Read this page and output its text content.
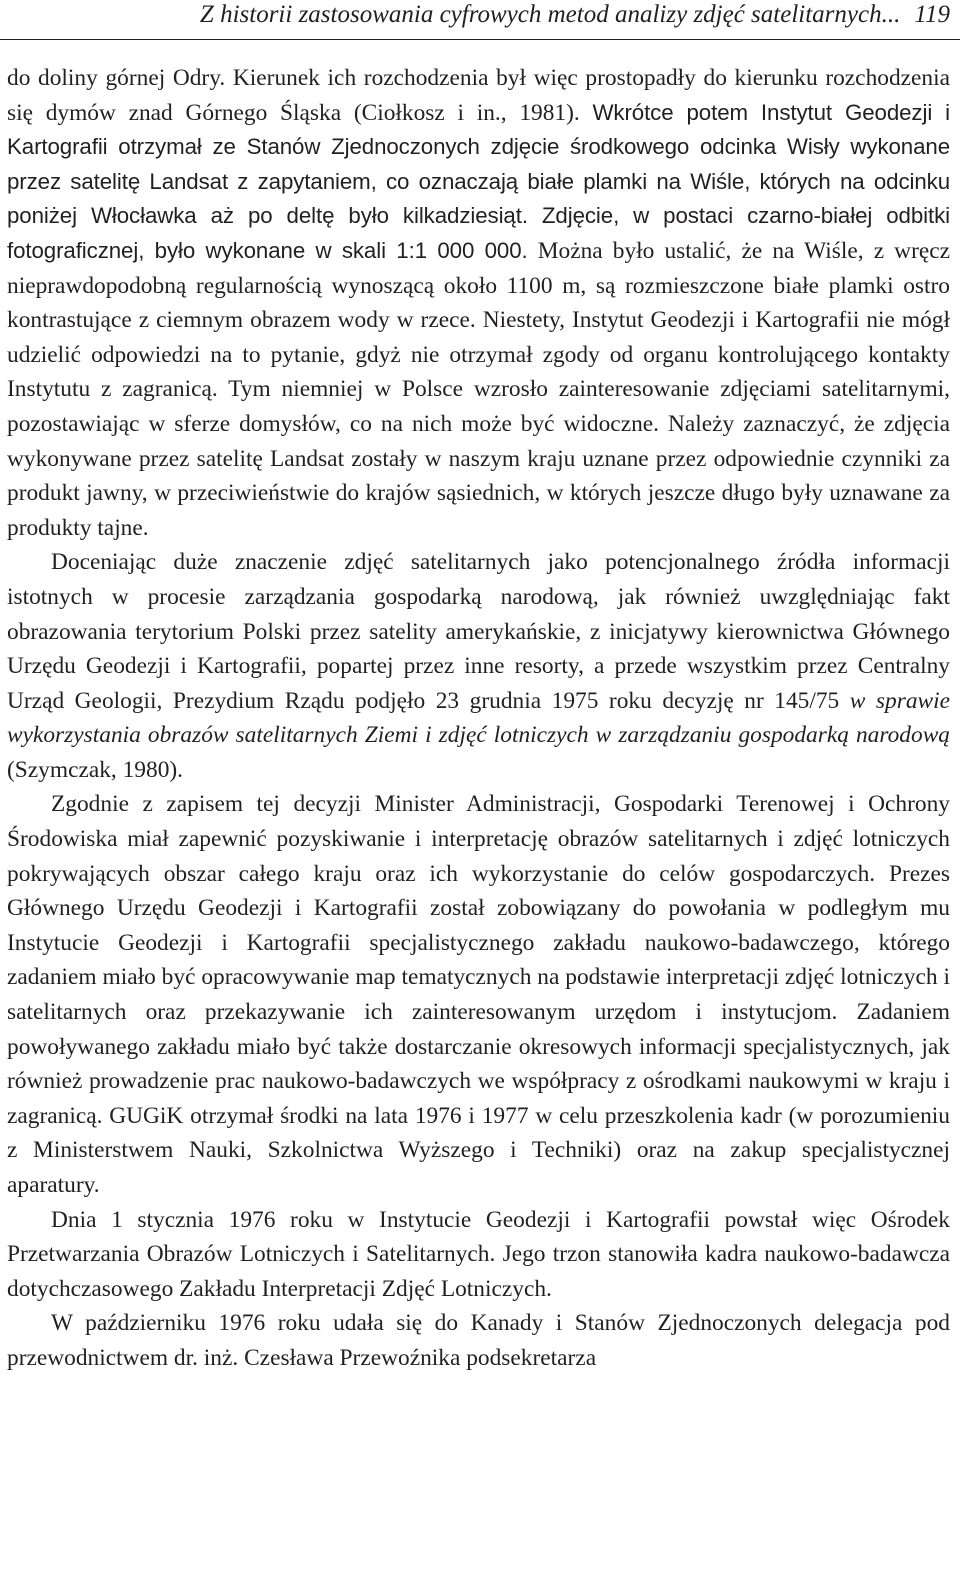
Z historii zastosowania cyfrowych metod analizy zdjęć satelitarnych... 119

do doliny górnej Odry. Kierunek ich rozchodzenia był więc prostopadły do kierunku rozchodzenia się dymów znad Górnego Śląska (Ciołkosz i in., 1981). Wkrótce potem Instytut Geodezji i Kartografii otrzymał ze Stanów Zjednoczonych zdjęcie środkowego odcinka Wisły wykonane przez satelitę Landsat z zapytaniem, co oznaczają białe plamki na Wiśle, których na odcinku poniżej Włocławka aż po deltę było kilkadziesiąt. Zdjęcie, w postaci czarno-białej odbitki fotograficznej, było wykonane w skali 1:1 000 000. Można było ustalić, że na Wiśle, z wręcz nieprawdopodobną regularnością wynoszącą około 1100 m, są rozmieszczone białe plamki ostro kontrastujące z ciemnym obrazem wody w rzece. Niestety, Instytut Geodezji i Kartografii nie mógł udzielić odpowiedzi na to pytanie, gdyż nie otrzymał zgody od organu kontrolującego kontakty Instytutu z zagranicą. Tym niemniej w Polsce wzrosło zainteresowanie zdjęciami satelitarnymi, pozostawiając w sferze domysłów, co na nich może być widoczne. Należy zaznaczyć, że zdjęcia wykonywane przez satelitę Landsat zostały w naszym kraju uznane przez odpowiednie czynniki za produkt jawny, w przeciwieństwie do krajów sąsiednich, w których jeszcze długo były uznawane za produkty tajne.

Doceniając duże znaczenie zdjęć satelitarnych jako potencjonalnego źródła informacji istotnych w procesie zarządzania gospodarką narodową, jak również uwzględniając fakt obrazowania terytorium Polski przez satelity amerykańskie, z inicjatywy kierownictwa Głównego Urzędu Geodezji i Kartografii, popartej przez inne resorty, a przede wszystkim przez Centralny Urząd Geologii, Prezydium Rządu podjęło 23 grudnia 1975 roku decyzję nr 145/75 w sprawie wykorzystania obrazów satelitarnych Ziemi i zdjęć lotniczych w zarządzaniu gospodarką narodową (Szymczak, 1980).

Zgodnie z zapisem tej decyzji Minister Administracji, Gospodarki Terenowej i Ochrony Środowiska miał zapewnić pozyskiwanie i interpretację obrazów satelitarnych i zdjęć lotniczych pokrywających obszar całego kraju oraz ich wykorzystanie do celów gospodarczych. Prezes Głównego Urzędu Geodezji i Kartografii został zobowiązany do powołania w podległym mu Instytucie Geodezji i Kartografii specjalistycznego zakładu naukowo-badawczego, którego zadaniem miało być opracowywanie map tematycznych na podstawie interpretacji zdjęć lotniczych i satelitarnych oraz przekazywanie ich zainteresowanym urzędom i instytucjom. Zadaniem powoływanego zakładu miało być także dostarczanie okresowych informacji specjalistycznych, jak również prowadzenie prac naukowo-badawczych we współpracy z ośrodkami naukowymi w kraju i zagranicą. GUGiK otrzymał środki na lata 1976 i 1977 w celu przeszkolenia kadr (w porozumieniu z Ministerstwem Nauki, Szkolnictwa Wyższego i Techniki) oraz na zakup specjalistycznej aparatury.

Dnia 1 stycznia 1976 roku w Instytucie Geodezji i Kartografii powstał więc Ośrodek Przetwarzania Obrazów Lotniczych i Satelitarnych. Jego trzon stanowiła kadra naukowo-badawcza dotychczasowego Zakładu Interpretacji Zdjęć Lotniczych.

W październiku 1976 roku udała się do Kanady i Stanów Zjednoczonych delegacja pod przewodnictwem dr. inż. Czesława Przewoźnika podsekretarza
